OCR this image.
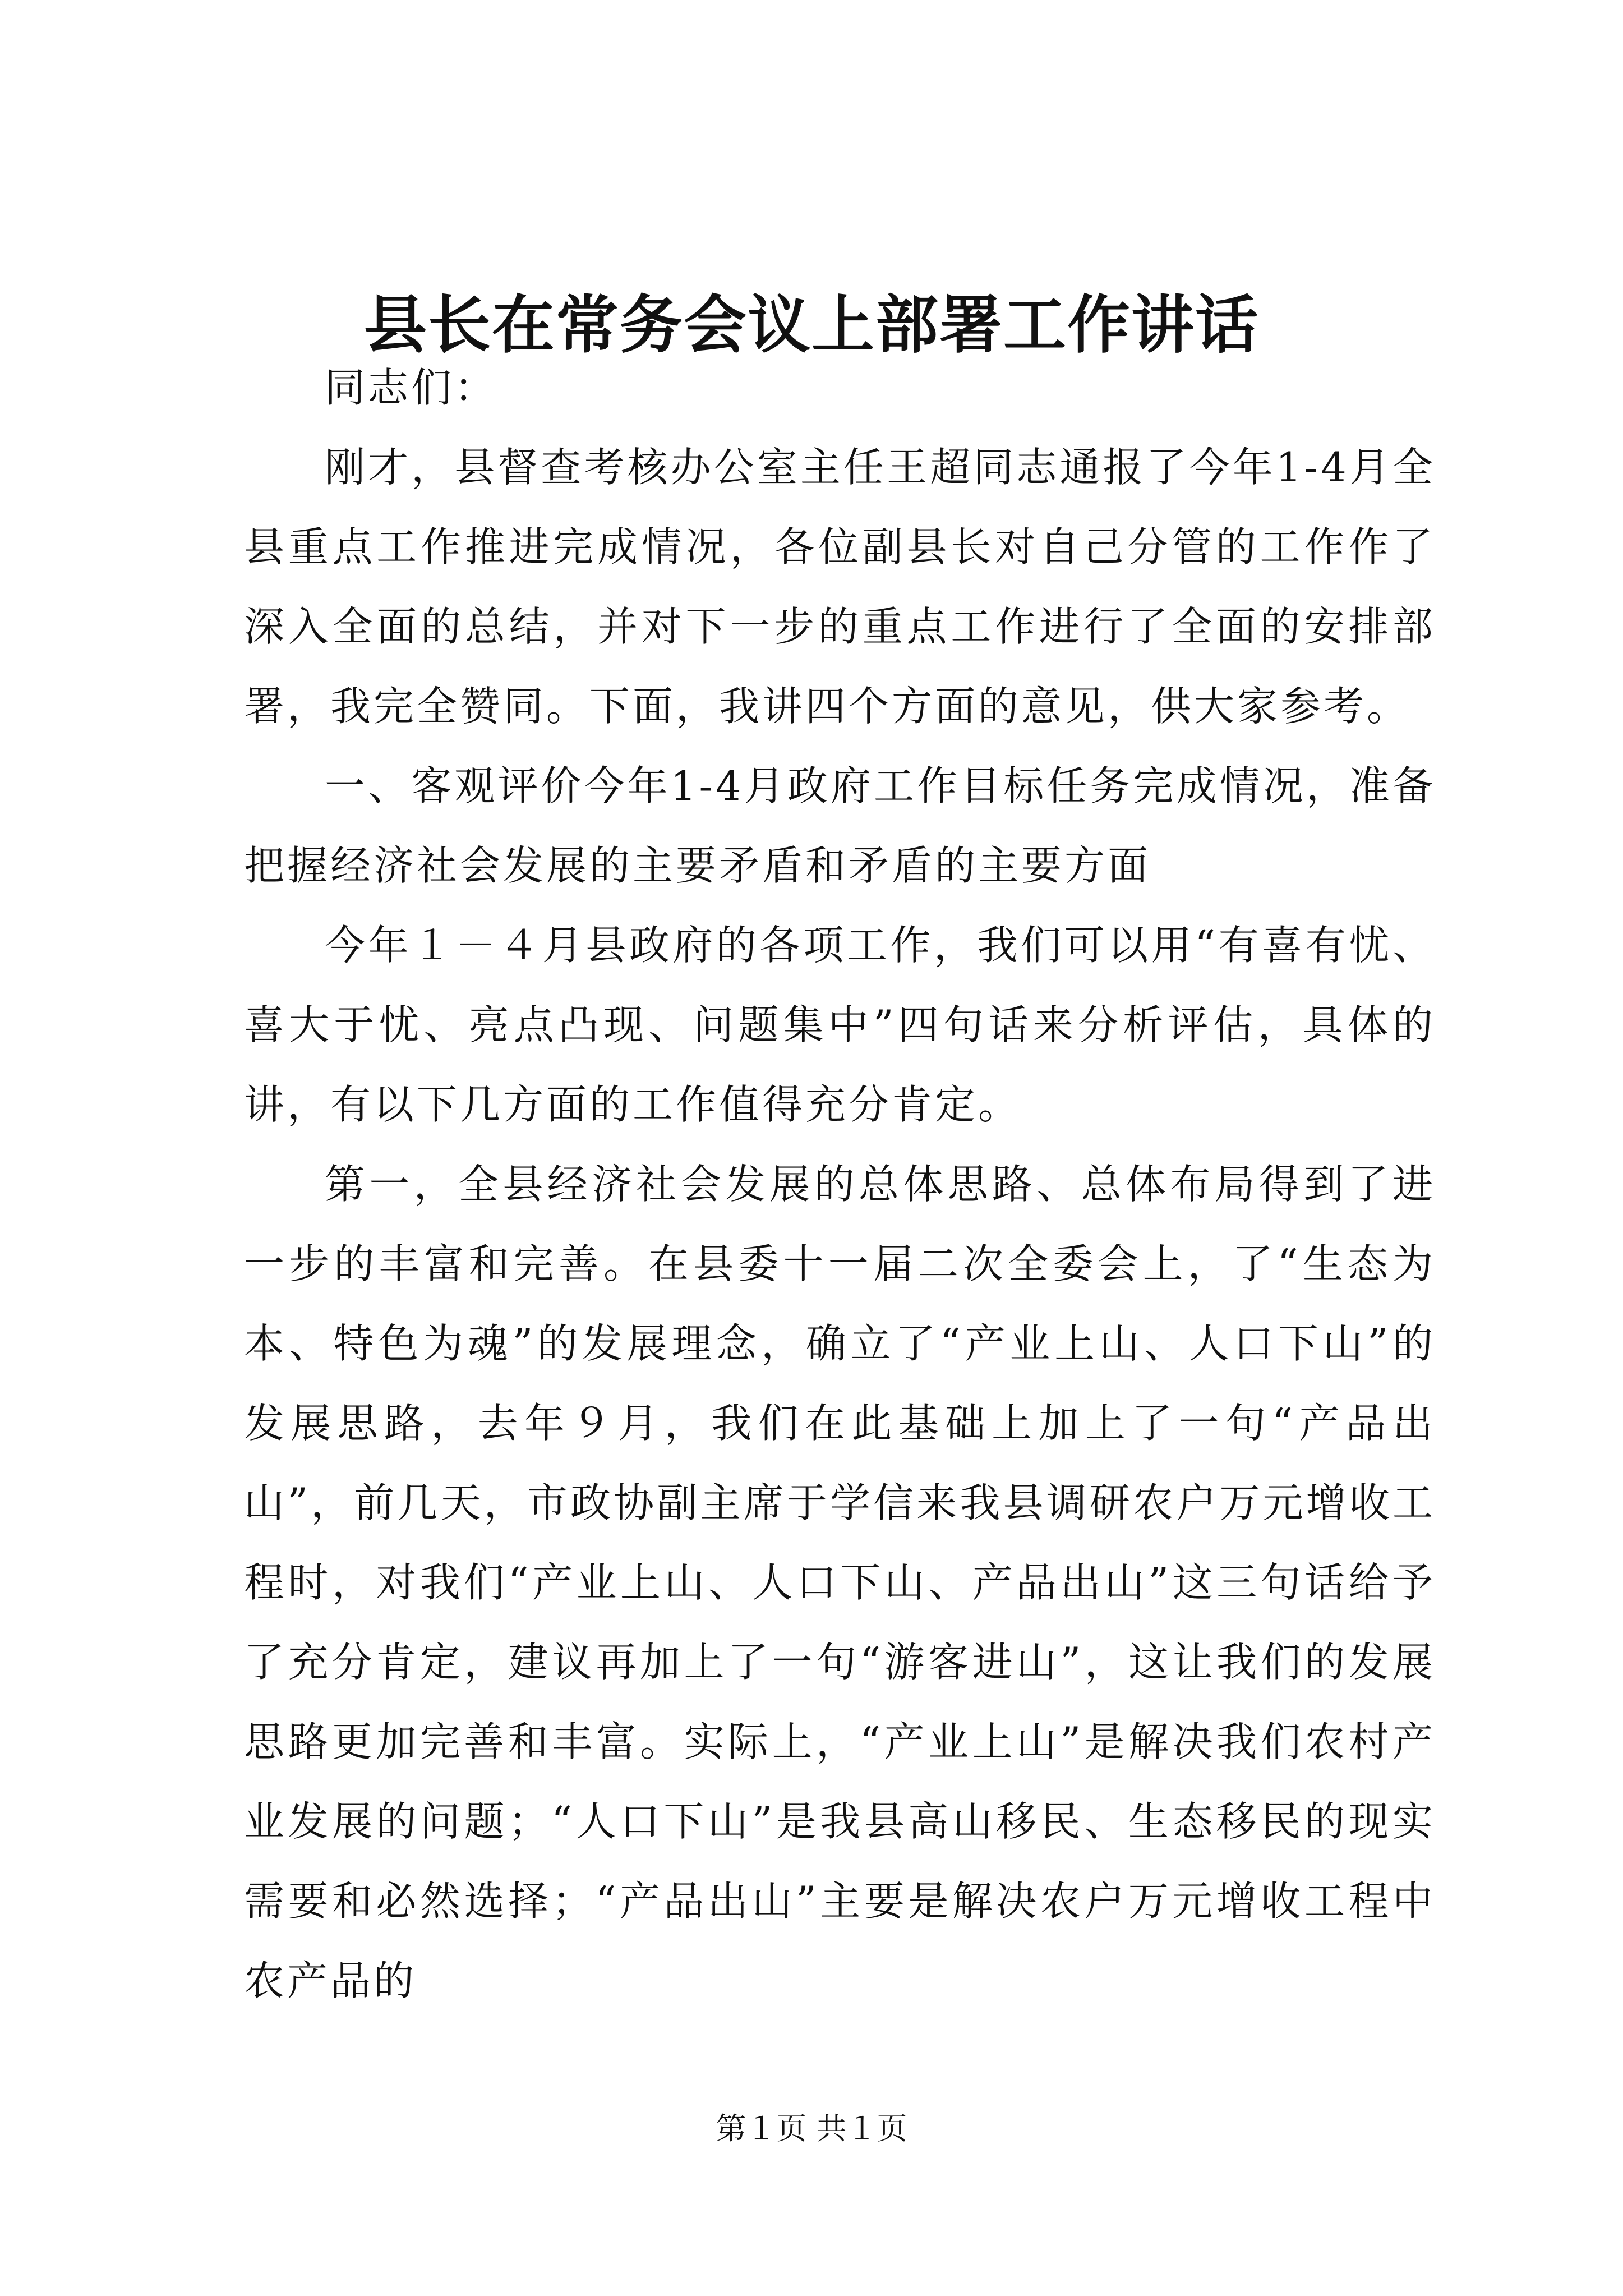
县长在常务会议上部署工作讲话

同志们：

刚才，县督查考核办公室主任王超同志通报了今年1-4月全县重点工作推进完成情况，各位副县长对自己分管的工作作了深入全面的总结，并对下一步的重点工作进行了全面的安排部署，我完全赞同。下面，我讲四个方面的意见，供大家参考。

一、客观评价今年1-4月政府工作目标任务完成情况，准备把握经济社会发展的主要矛盾和矛盾的主要方面

今年１－４月县政府的各项工作，我们可以用“有喜有忧、喜大于忧、亮点凸现、问题集中”四句话来分析评估，具体的讲，有以下几方面的工作值得充分肯定。

第一，全县经济社会发展的总体思路、总体布局得到了进一步的丰富和完善。在县委十一届二次全委会上，了“生态为本、特色为魂”的发展理念，确立了“产业上山、人口下山”的发展思路，去年９月，我们在此基础上加上了一句“产品出山”，前几天，市政协副主席于学信来我县调研农户万元增收工程时，对我们“产业上山、人口下山、产品出山”这三句话给予了充分肯定，建议再加上了一句“游客进山”，这让我们的发展思路更加完善和丰富。实际上，“产业上山”是解决我们农村产业发展的问题；“人口下山”是我县高山移民、生态移民的现实需要和必然选择；“产品出山”主要是解决农户万元增收工程中农产品的

第１页 共１页
